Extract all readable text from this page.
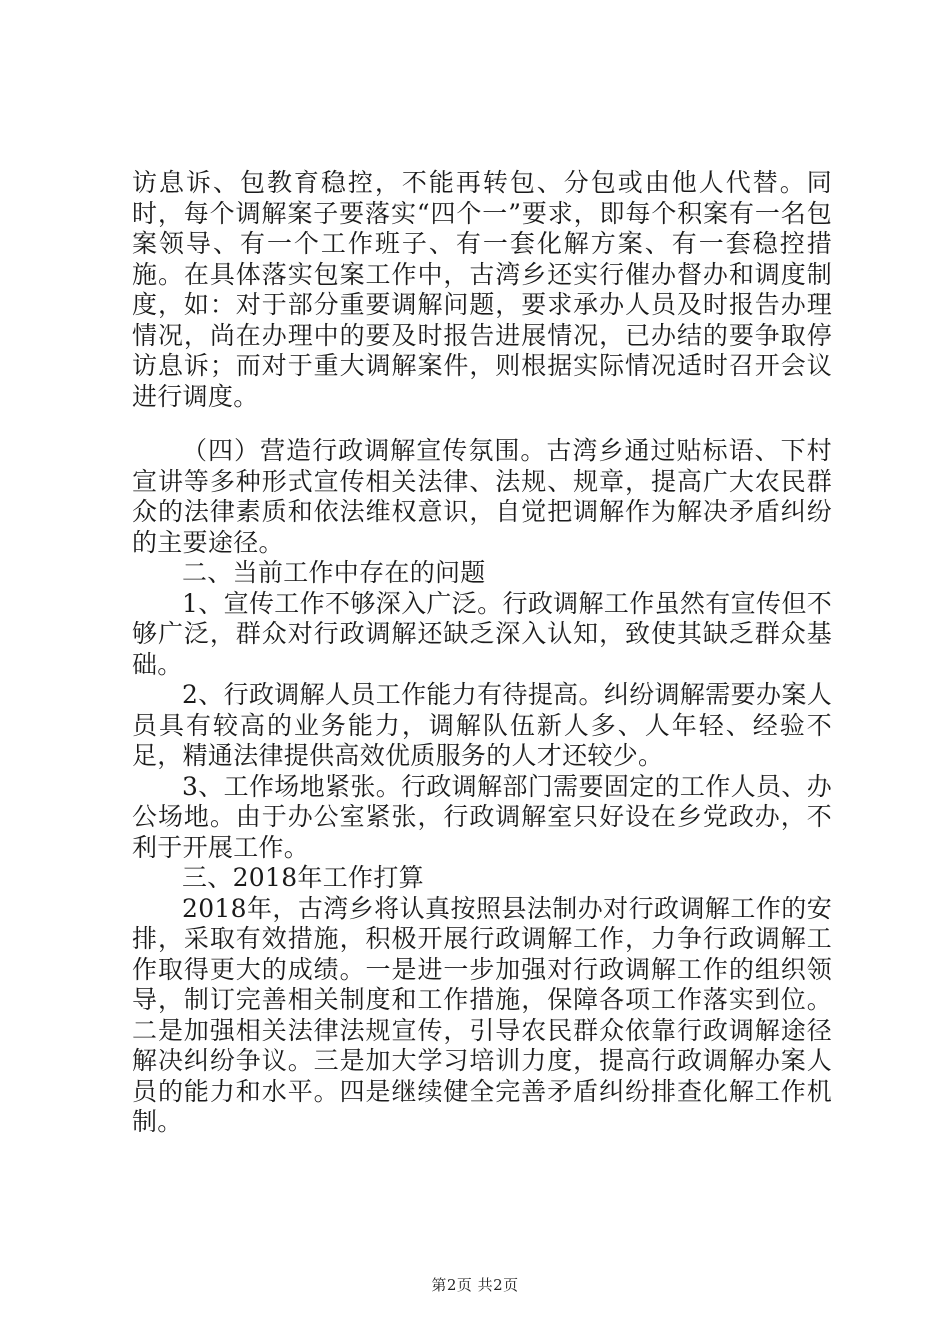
访息诉、包教育稳控，不能再转包、分包或由他人代替。同时，每个调解案子要落实“四个一”要求，即每个积案有一名包案领导、有一个工作班子、有一套化解方案、有一套稳控措施。在具体落实包案工作中，古湾乡还实行催办督办和调度制度，如：对于部分重要调解问题，要求承办人员及时报告办理情况，尚在办理中的要及时报告进展情况，已办结的要争取停访息诉；而对于重大调解案件，则根据实际情况适时召开会议进行调度。

（四）营造行政调解宣传氛围。古湾乡通过贴标语、下村宣讲等多种形式宣传相关法律、法规、规章，提高广大农民群众的法律素质和依法维权意识，自觉把调解作为解决矛盾纠纷的主要途径。

二、当前工作中存在的问题

1、宣传工作不够深入广泛。行政调解工作虽然有宣传但不够广泛，群众对行政调解还缺乏深入认知，致使其缺乏群众基础。

2、行政调解人员工作能力有待提高。纠纷调解需要办案人员具有较高的业务能力，调解队伍新人多、人年轻、经验不足，精通法律提供高效优质服务的人才还较少。

3、工作场地紧张。行政调解部门需要固定的工作人员、办公场地。由于办公室紧张，行政调解室只好设在乡党政办，不利于开展工作。

三、2018年工作打算

2018年，古湾乡将认真按照县法制办对行政调解工作的安排，采取有效措施，积极开展行政调解工作，力争行政调解工作取得更大的成绩。一是进一步加强对行政调解工作的组织领导，制订完善相关制度和工作措施，保障各项工作落实到位。二是加强相关法律法规宣传，引导农民群众依靠行政调解途径解决纠纷争议。三是加大学习培训力度，提高行政调解办案人员的能力和水平。四是继续健全完善矛盾纠纷排查化解工作机制。

第2页 共2页
